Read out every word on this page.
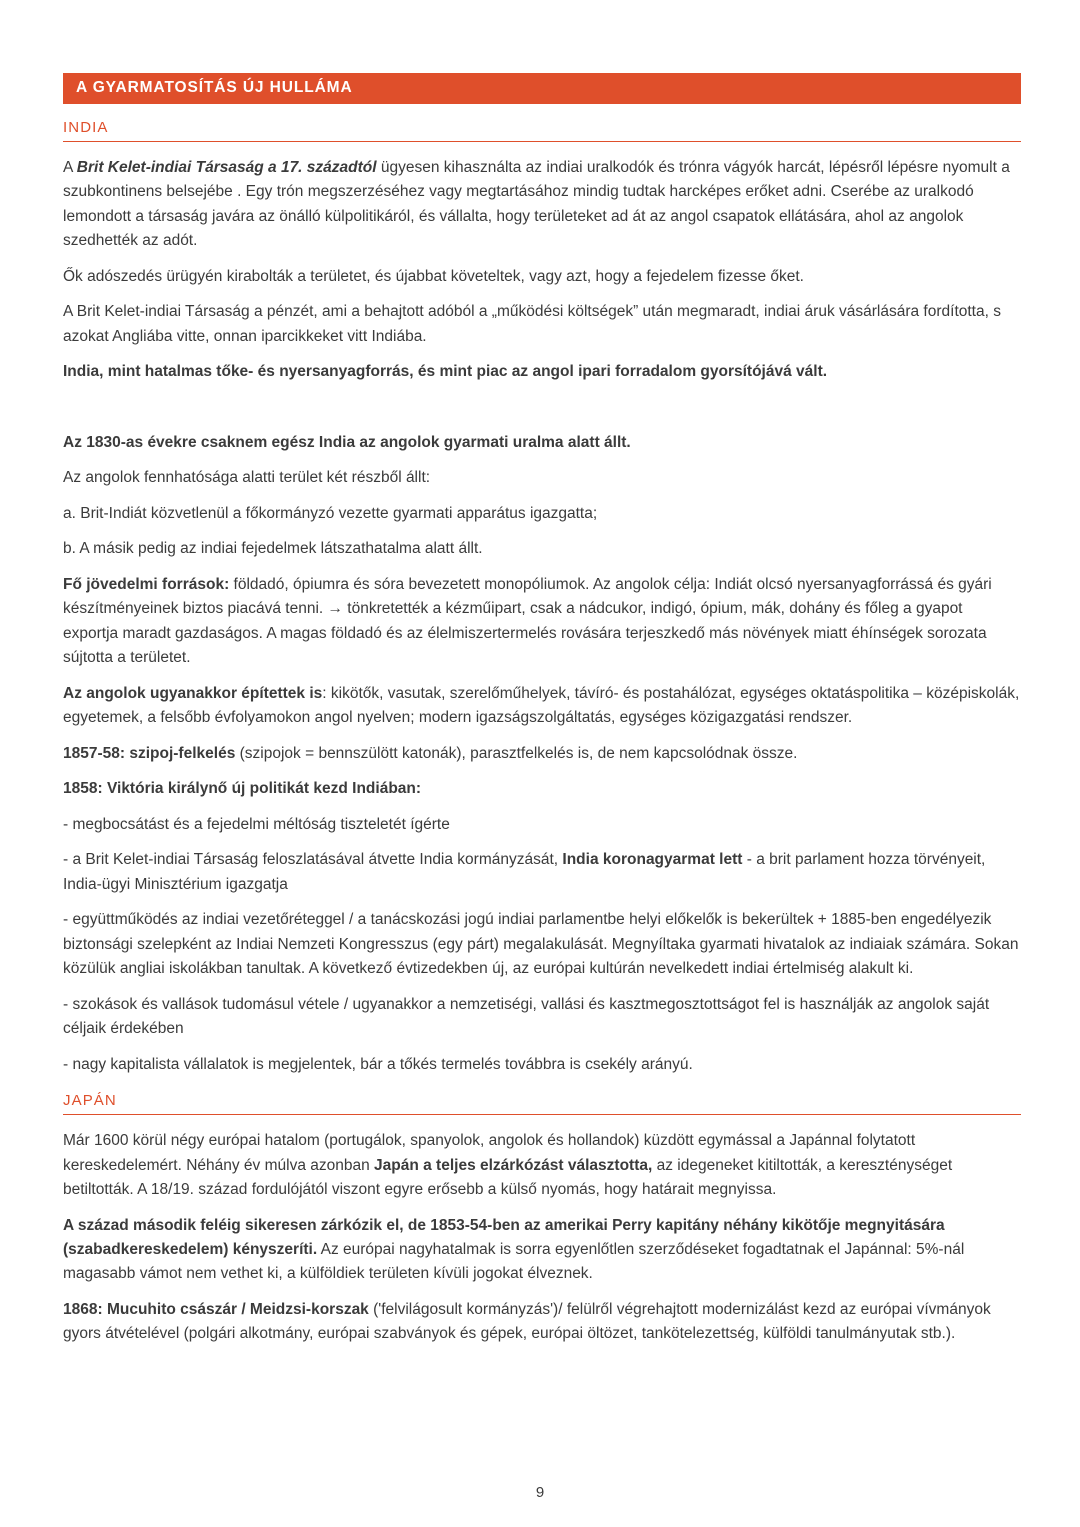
A GYARMATOSÍTÁS ÚJ HULLÁMA
INDIA

A Brit Kelet-indiai Társaság a 17. századtól ügyesen kihasználta az indiai uralkodók és trónra vágyók harcát, lépésről lépésre nyomult a szubkontinens belsejébe . Egy trón megszerzéséhez vagy megtartásához mindig tudtak harcképes erőket adni. Cserébe az uralkodó lemondott a társaság javára az önálló külpolitikáról, és vállalta, hogy területeket ad át az angol csapatok ellátására, ahol az angolok szedhették az adót.

Ők adószedés ürügyén kirabolták a területet, és újabbat követeltek, vagy azt, hogy a fejedelem fizesse őket.

A Brit Kelet-indiai Társaság a pénzét, ami a behajtott adóból a „működési költségek” után megmaradt, indiai áruk vásárlására fordította, s azokat Angliába vitte, onnan iparcikkeket vitt Indiába.

India, mint hatalmas tőke- és nyersanyagforrás, és mint piac az angol ipari forradalom gyorsítójává vált.

Az 1830-as évekre csaknem egész India az angolok gyarmati uralma alatt állt.

Az angolok fennhatósága alatti terület két részből állt:

a. Brit-Indiát közvetlenül a főkormányzó vezette gyarmati apparátus igazgatta;

b. A másik pedig az indiai fejedelmek látszathatalma alatt állt.

Fő jövedelmi források: földadó, ópiumra és sóra bevezetett monopóliumok. Az angolok célja: Indiát olcsó nyersanyagforrássá és gyári készítményeinek biztos piacává tenni. → tönkretették a kézműipart, csak a nádcukor, indigó, ópium, mák, dohány és főleg a gyapot exportja maradt gazdaságos. A magas földadó és az élelmiszertermelés rovására terjeszkedő más növények miatt éhínségek sorozata sújtotta a területet.

Az angolok ugyanakkor építettek is: kikötők, vasutak, szerelőműhelyek, távíró- és postahálózat, egységes oktatáspolitika – középiskolák, egyetemek, a felsőbb évfolyamokon angol nyelven; modern igazságszolgáltatás, egységes közigazgatási rendszer.

1857-58: szipoj-felkelés (szipojok = bennszülött katonák), parasztfelkelés is, de nem kapcsolódnak össze.

1858: Viktória királynő új politikát kezd Indiában:

- megbocsátást és a fejedelmi méltóság tiszteletét ígérte

- a Brit Kelet-indiai Társaság feloszlatásával átvette India kormányzását, India koronagyarmat lett - a brit parlament hozza törvényeit, India-ügyi Minisztérium igazgatja

- együttműködés az indiai vezetőréteggel / a tanácskozási jogú indiai parlamentbe helyi előkelők is bekerültek + 1885-ben engedélyezik biztonsági szelepként az Indiai Nemzeti Kongresszus (egy párt) megalakulását. Megnyíltaka gyarmati hivatalok az indiaiak számára. Sokan közülük angliai iskolákban tanultak. A következő évtizedekben új, az európai kultúrán nevelkedett indiai értelmiség alakult ki.

- szokások és vallások tudomásul vétele / ugyanakkor a nemzetiségi, vallási és kasztmegosztottságot fel is használják az angolok saját céljaik érdekében

- nagy kapitalista vállalatok is megjelentek, bár a tőkés termelés továbbra is csekély arányú.

JAPÁN

Már 1600 körül négy európai hatalom (portugálok, spanyolok, angolok és hollandok) küzdött egymással a Japánnal folytatott kereskedelemért. Néhány év múlva azonban Japán a teljes elzárkózást választotta, az idegeneket kitiltották, a kereszténységet betiltották. A 18/19. század fordulójától viszont egyre erősebb a külső nyomás, hogy határait megnyissa.

A század második feléig sikeresen zárkózik el, de 1853-54-ben az amerikai Perry kapitány néhány kikötője megnyitására (szabadkereskedelem) kényszeríti. Az európai nagyhatalmak is sorra egyenlőtlen szerződéseket fogadtatnak el Japánnal: 5%-nál magasabb vámot nem vethet ki, a külföldiek területen kívüli jogokat élveznek.

1868: Mucuhito császár / Meidzsi-korszak ('felvilágosult kormányzás')/ felülről végrehajtott modernizálást kezd az európai vívmányok gyors átvételével (polgári alkotmány, európai szabványok és gépek, európai öltözet, tankötelezettség, külföldi tanulmányutak stb.).

9
